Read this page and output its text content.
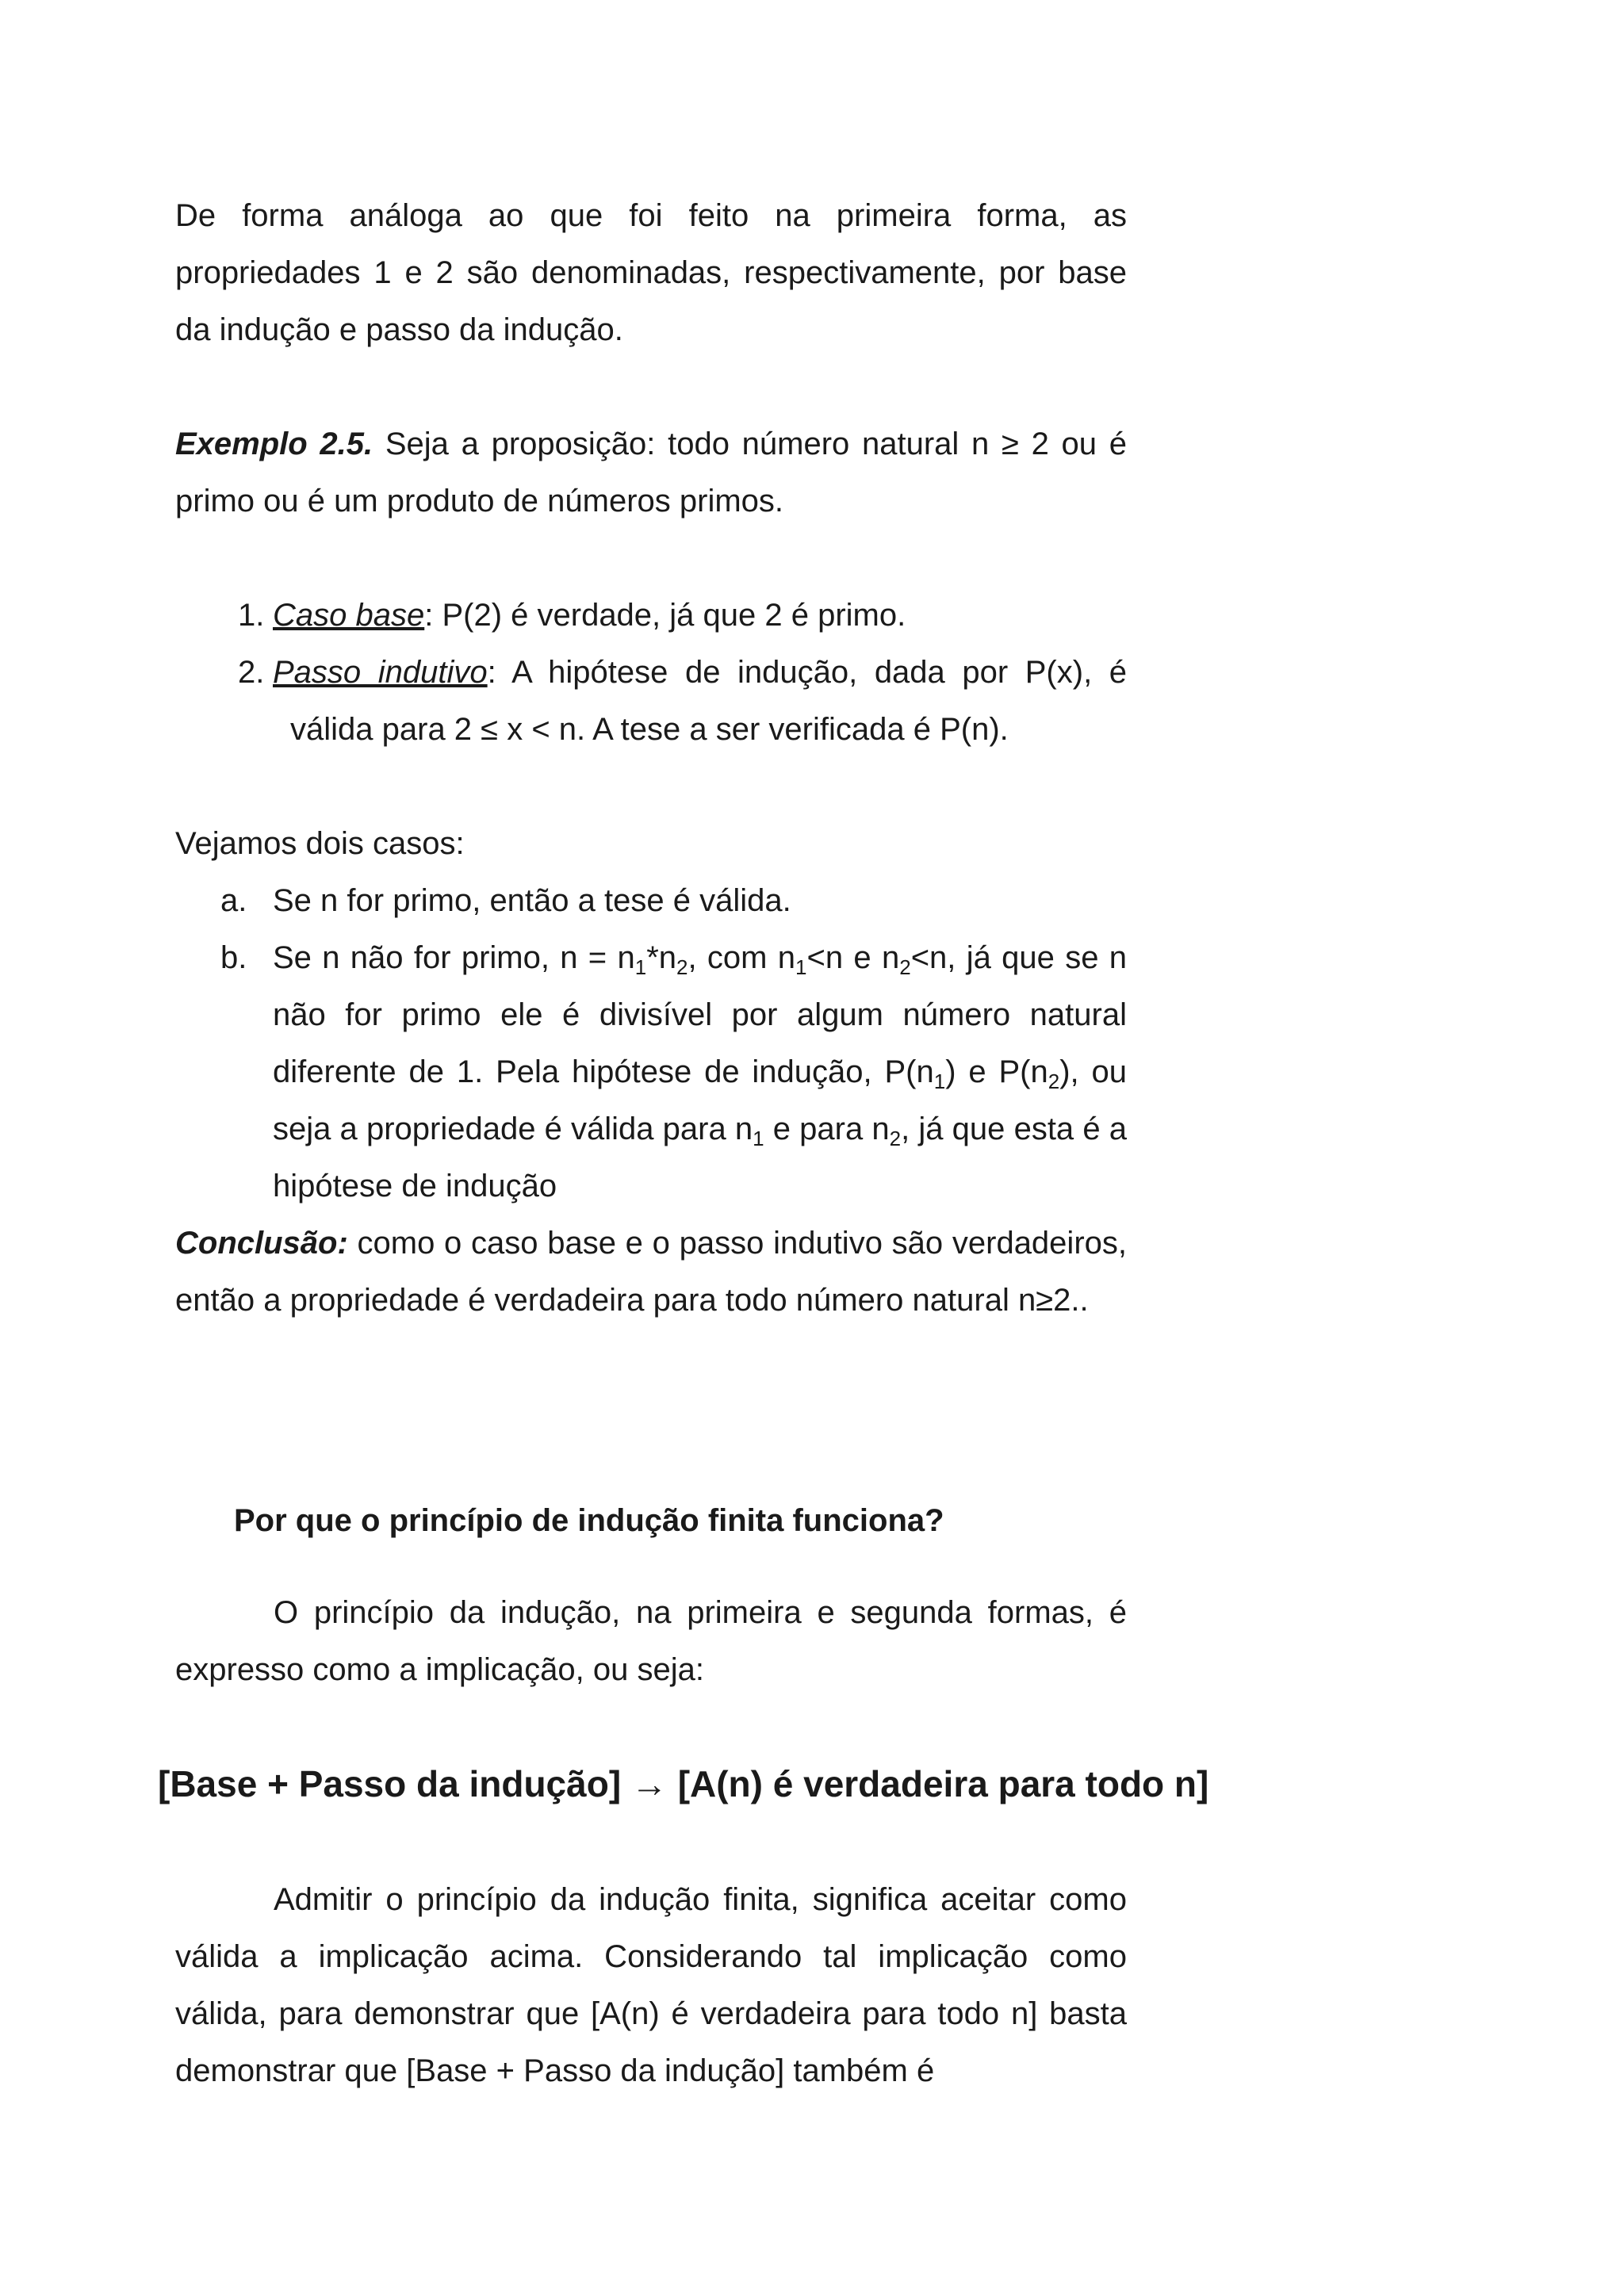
De forma análoga ao que foi feito na primeira forma, as propriedades 1 e 2 são denominadas, respectivamente, por base da indução e passo da indução.

Exemplo 2.5. Seja a proposição: todo número natural n ≥ 2 ou é primo ou é um produto de números primos.

1. Caso base: P(2) é verdade, já que 2 é primo.
2. Passo indutivo: A hipótese de indução, dada por P(x), é
válida para 2 ≤ x < n. A tese a ser verificada é P(n).

Vejamos dois casos:

a. Se n for primo, então a tese é válida.
b. Se n não for primo, $n = n_1*n_2$, com $n_1<n$ e $n_2<n$, já que se n não for primo ele é divisível por algum número natural diferente de 1. Pela hipótese de indução, $P(n_1)$ e $P(n_2)$, ou seja a propriedade é válida para $n_1$ e para $n_2$, já que esta é a hipótese de indução

Conclusão: como o caso base e o passo indutivo são verdadeiros, então a propriedade é verdadeira para todo número natural n≥2..

Por que o princípio de indução finita funciona?

O princípio da indução, na primeira e segunda formas, é expresso como a implicação, ou seja:

[Base + Passo da indução] → [A(n) é verdadeira para todo n]

Admitir o princípio da indução finita, significa aceitar como válida a implicação acima. Considerando tal implicação como válida, para demonstrar que [A(n) é verdadeira para todo n] basta demonstrar que [Base + Passo da indução] também é
